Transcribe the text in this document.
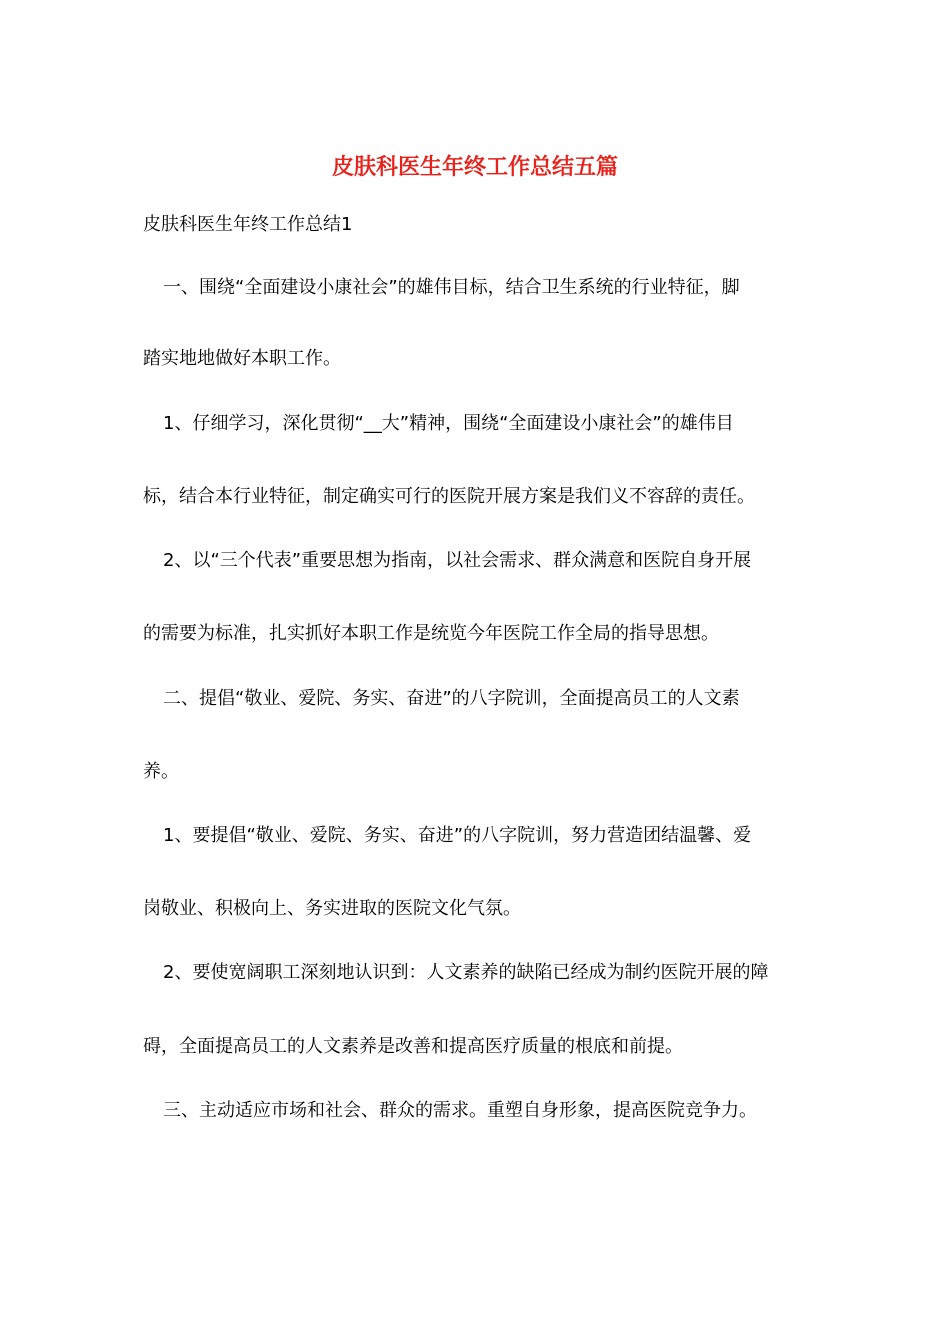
皮肤科医生年终工作总结五篇
皮肤科医生年终工作总结1
一、围绕“全面建设小康社会”的雄伟目标，结合卫生系统的行业特征，脚
踏实地地做好本职工作。
1、仔细学习，深化贯彻“__大”精神，围绕“全面建设小康社会”的雄伟目
标，结合本行业特征，制定确实可行的医院开展方案是我们义不容辞的责任。
2、以“三个代表”重要思想为指南，以社会需求、群众满意和医院自身开展
的需要为标准，扎实抓好本职工作是统览今年医院工作全局的指导思想。
二、提倡“敬业、爱院、务实、奋进”的八字院训，全面提高员工的人文素
养。
1、要提倡“敬业、爱院、务实、奋进”的八字院训，努力营造团结温馨、爱
岗敬业、积极向上、务实进取的医院文化气氛。
2、要使宽阔职工深刻地认识到：人文素养的缺陷已经成为制约医院开展的障
碍，全面提高员工的人文素养是改善和提高医疗质量的根底和前提。
三、主动适应市场和社会、群众的需求。重塑自身形象，提高医院竞争力。
